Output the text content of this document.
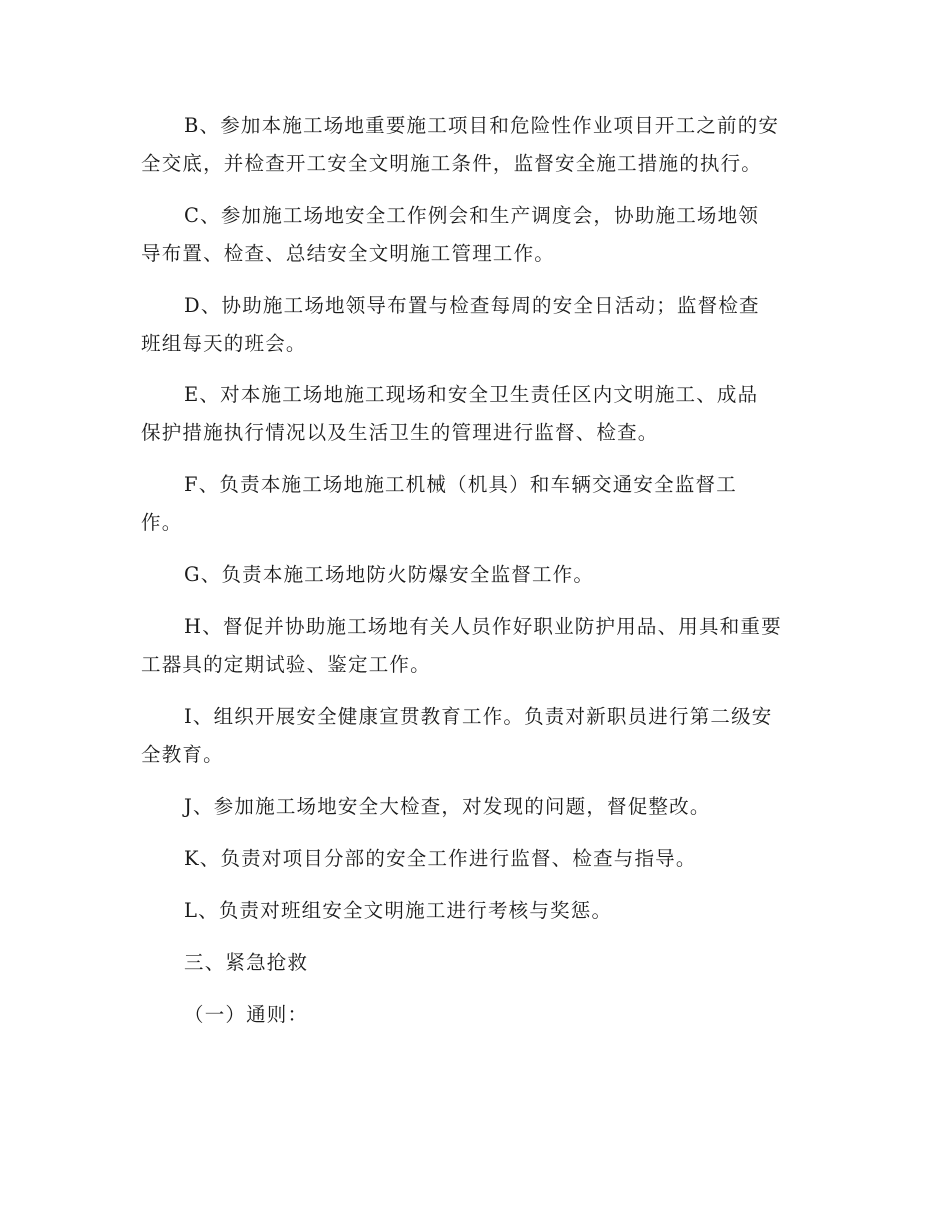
B、参加本施工场地重要施工项目和危险性作业项目开工之前的安
全交底，并检查开工安全文明施工条件，监督安全施工措施的执行。

C、参加施工场地安全工作例会和生产调度会，协助施工场地领
导布置、检查、总结安全文明施工管理工作。

D、协助施工场地领导布置与检查每周的安全日活动；监督检查
班组每天的班会。

E、对本施工场地施工现场和安全卫生责任区内文明施工、成品
保护措施执行情况以及生活卫生的管理进行监督、检查。

F、负责本施工场地施工机械（机具）和车辆交通安全监督工
作。

G、负责本施工场地防火防爆安全监督工作。

H、督促并协助施工场地有关人员作好职业防护用品、用具和重要
工器具的定期试验、鉴定工作。

I、组织开展安全健康宣贯教育工作。负责对新职员进行第二级安
全教育。

J、参加施工场地安全大检查，对发现的问题，督促整改。

K、负责对项目分部的安全工作进行监督、检查与指导。

L、负责对班组安全文明施工进行考核与奖惩。

三、紧急抢救

（一）通则：
